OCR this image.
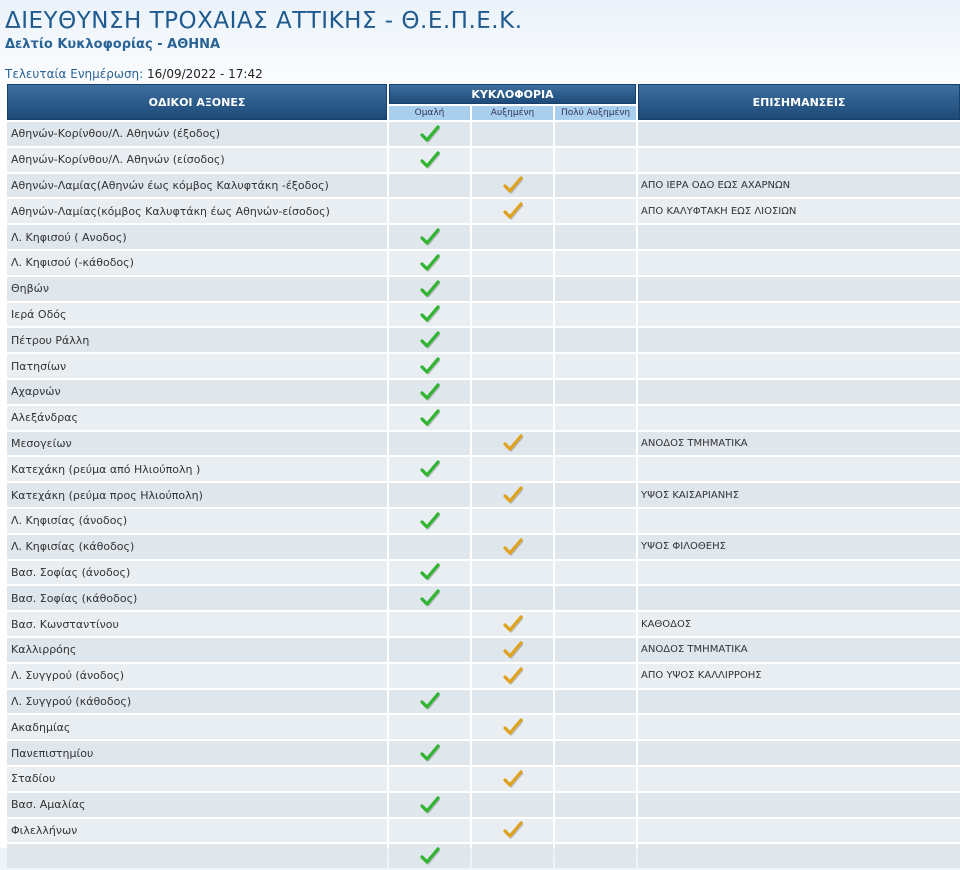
ΔΙΕΥΘΥΝΣΗ ΤΡΟΧΑΙΑΣ ΑΤΤΙΚΗΣ - Θ.Ε.Π.Ε.Κ.
Δελτίο Κυκλοφορίας - ΑΘΗΝΑ
Τελευταία Ενημέρωση: 16/09/2022 - 17:42
ΟΔΙΚΟΙ ΑΞΟΝΕΣ	ΚΥΚΛΟΦΟΡΙΑ			ΕΠΙΣΗΜΑΝΣΕΙΣ
	Ομαλή	Αυξημένη	Πολύ Αυξημένη	
Αθηνών-Κορίνθου/Λ. Αθηνών (έξοδος)				
Αθηνών-Κορίνθου/Λ. Αθηνών (είσοδος)				
Αθηνών-Λαμίας(Αθηνών έως κόμβος Καλυφτάκη -έξοδος)				ΑΠΟ ΙΕΡΑ ΟΔΟ ΕΩΣ ΑΧΑΡΝΩΝ
Αθηνών-Λαμίας(κόμβος Καλυφτάκη έως Αθηνών-είσοδος)				ΑΠΟ ΚΑΛΥΦΤΑΚΗ ΕΩΣ ΛΙΟΣΙΩΝ
Λ. Κηφισού ( Ανοδος)				
Λ. Κηφισού (-κάθοδος)				
Θηβών				
Ιερά Οδός				
Πέτρου Ράλλη				
Πατησίων				
Αχαρνών				
Αλεξάνδρας				
Μεσογείων				ΑΝΟΔΟΣ ΤΜΗΜΑΤΙΚΑ
Κατεχάκη (ρεύμα από Ηλιούπολη )				
Κατεχάκη (ρεύμα προς Ηλιούπολη)				ΥΨΟΣ ΚΑΙΣΑΡΙΑΝΗΣ
Λ. Κηφισίας (άνοδος)				
Λ. Κηφισίας (κάθοδος)				ΥΨΟΣ ΦΙΛΟΘΕΗΣ
Βασ. Σοφίας (άνοδος)				
Βασ. Σοφίας (κάθοδος)				
Βασ. Κωνσταντίνου				ΚΑΘΟΔΟΣ
Καλλιρρόης				ΑΝΟΔΟΣ ΤΜΗΜΑΤΙΚΑ
Λ. Συγγρού (άνοδος)				ΑΠΟ ΥΨΟΣ ΚΑΛΛΙΡΡΟΗΣ
Λ. Συγγρού (κάθοδος)				
Ακαδημίας				
Πανεπιστημίου				
Σταδίου				
Βασ. Αμαλίας				
Φιλελλήνων				
